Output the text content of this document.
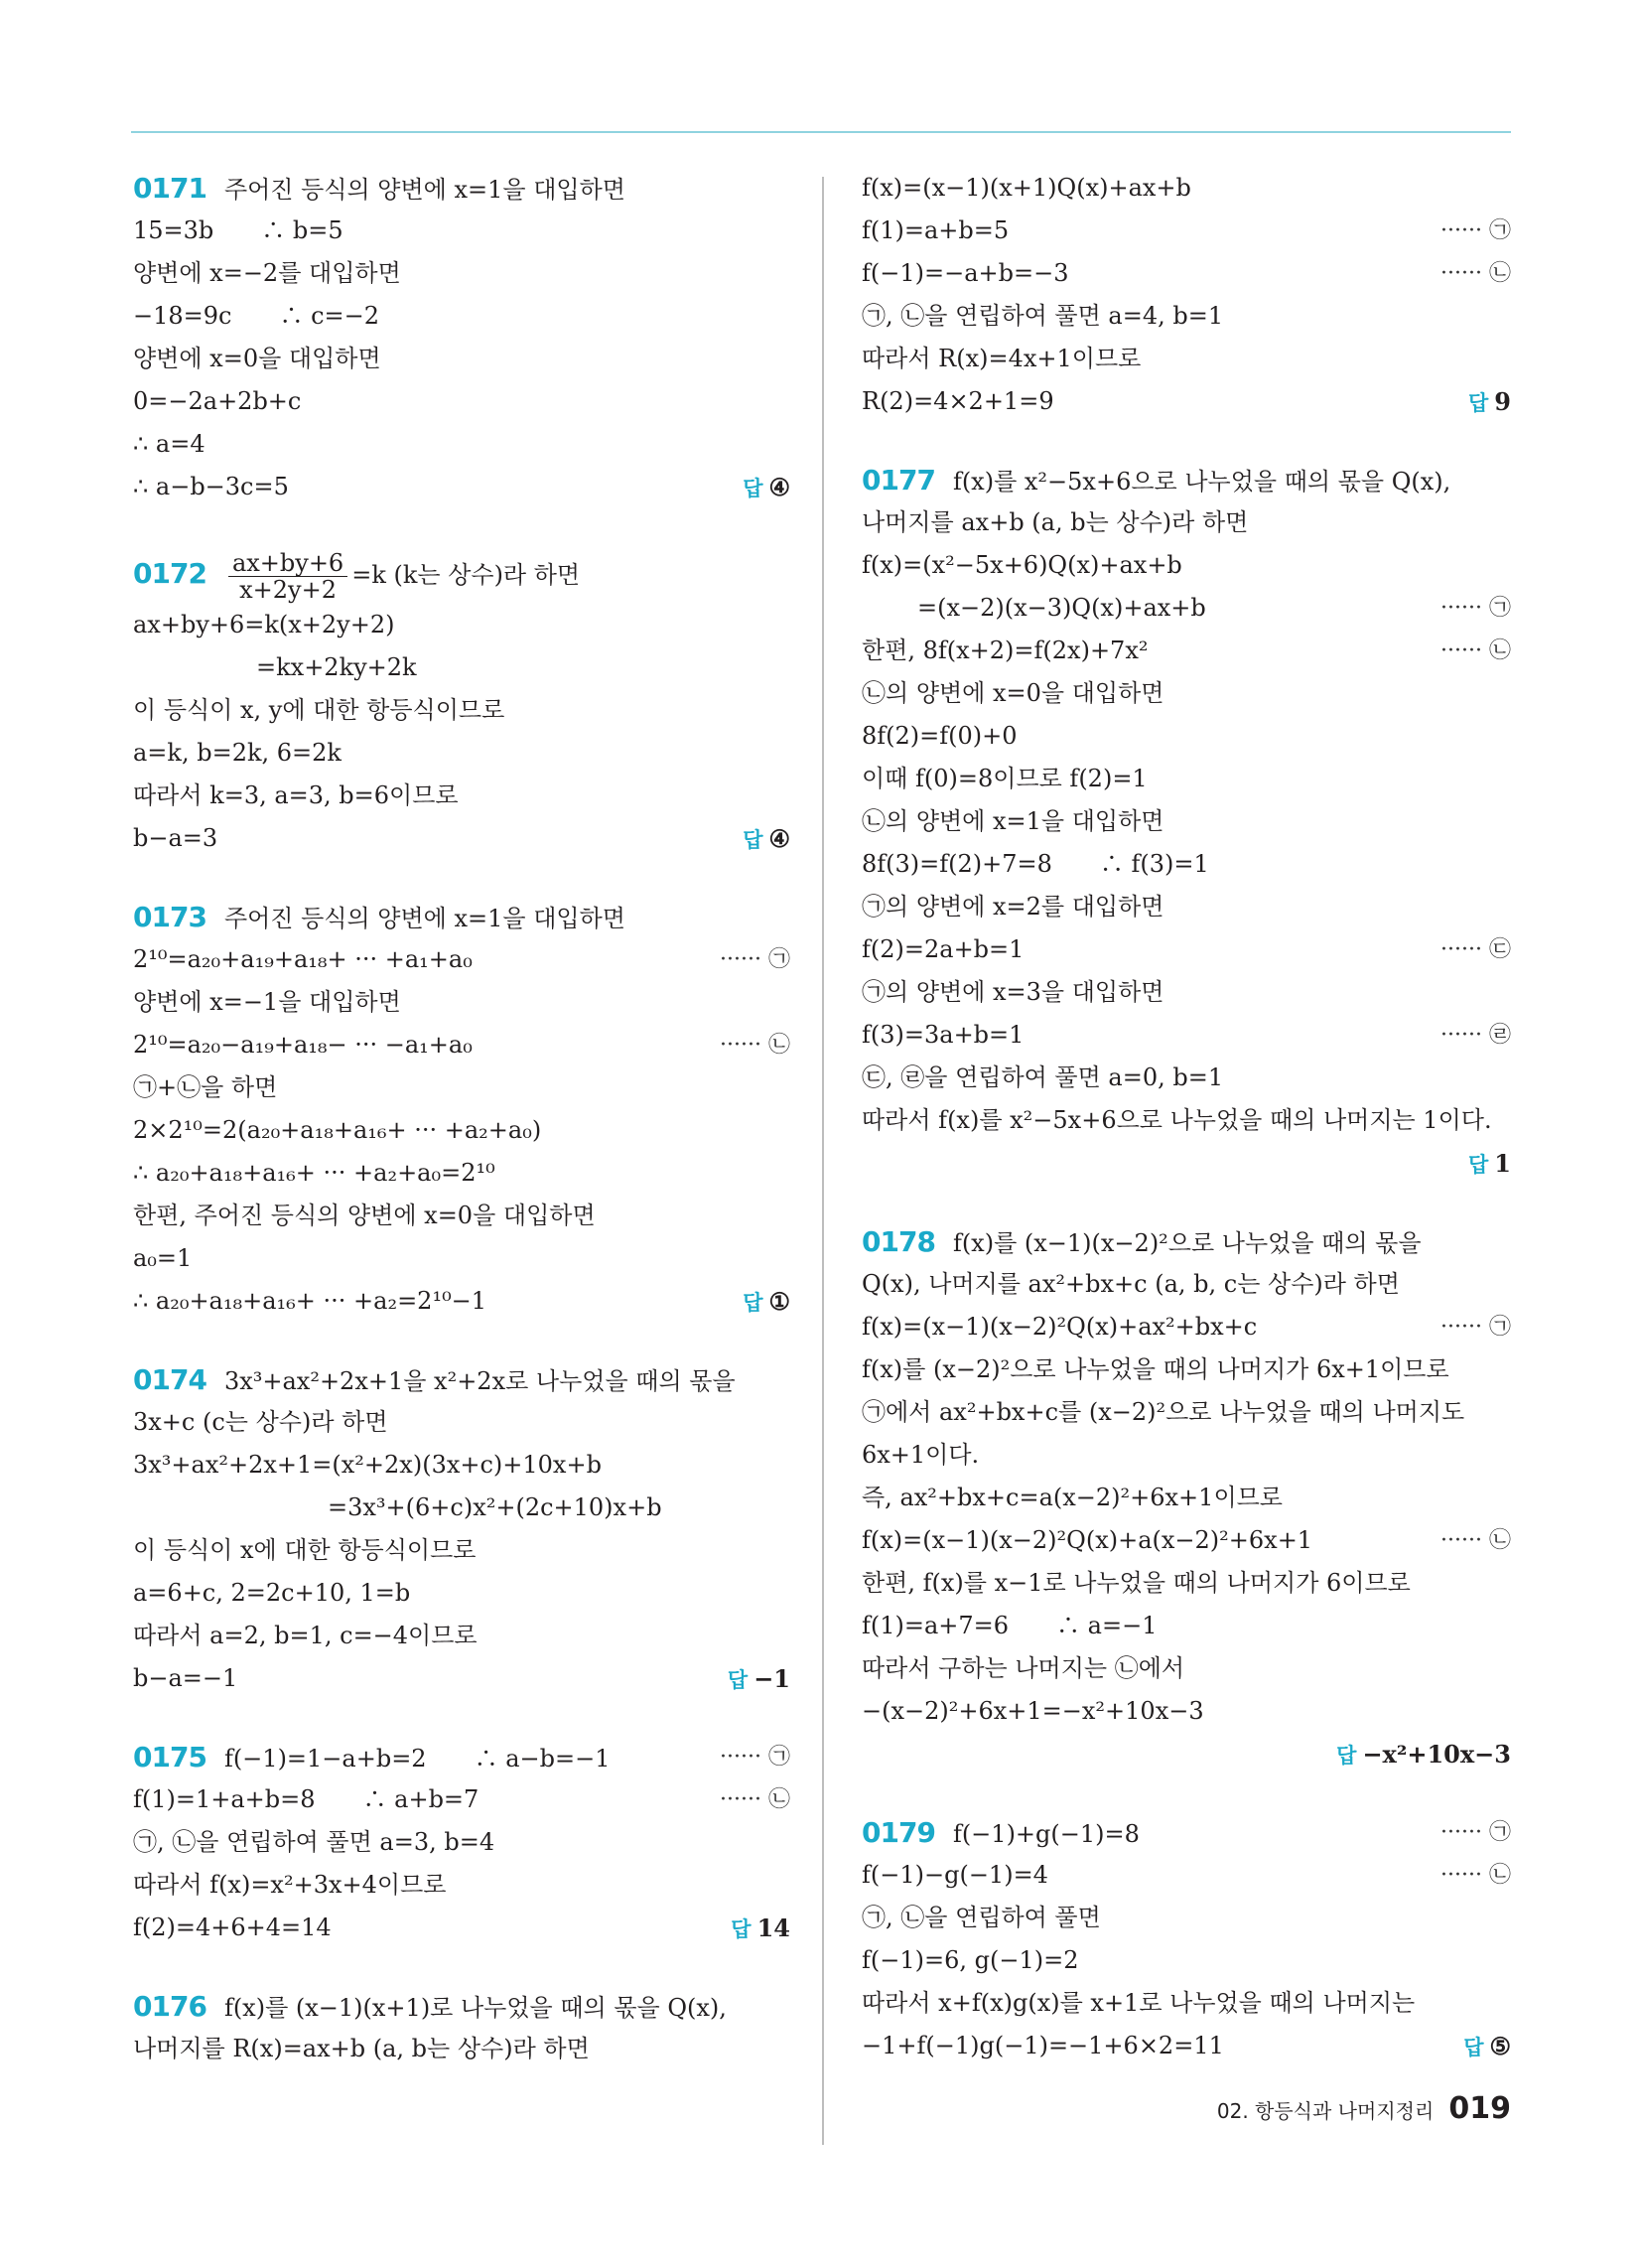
0171 주어진 등식의 양변에 x=1을 대입하면
15=3b　　∴ b=5
양변에 x=−2를 대입하면
−18=9c　　∴ c=−2
양변에 x=0을 대입하면
0=−2a+2b+c
∴ a=4
∴ a−b−3c=5	답 ④
$0172 \frac{ax+by+6}{x+2y+2} =k$ (k는 상수)라 하면
ax+by+6=k(x+2y+2)
=kx+2ky+2k
이 등식이 x, y에 대한 항등식이므로
a=k, b=2k, 6=2k
따라서 k=3, a=3, b=6이므로
b−a=3	답 ④
0173 주어진 등식의 양변에 x=1을 대입하면
2¹⁰=a₂₀+a₁₉+a₁₈+ ··· +a₁+a₀	······ ㉠
양변에 x=−1을 대입하면
2¹⁰=a₂₀−a₁₉+a₁₈− ··· −a₁+a₀	······ ㉡
㉠+㉡을 하면
2×2¹⁰=2(a₂₀+a₁₈+a₁₆+ ··· +a₂+a₀)
∴ a₂₀+a₁₈+a₁₆+ ··· +a₂+a₀=2¹⁰
한편, 주어진 등식의 양변에 x=0을 대입하면
a₀=1
∴ a₂₀+a₁₈+a₁₆+ ··· +a₂=2¹⁰−1	답 ①
0174 3x³+ax²+2x+1을 x²+2x로 나누었을 때의 몫을
3x+c (c는 상수)라 하면
3x³+ax²+2x+1=(x²+2x)(3x+c)+10x+b
=3x³+(6+c)x²+(2c+10)x+b
이 등식이 x에 대한 항등식이므로
a=6+c, 2=2c+10, 1=b
따라서 a=2, b=1, c=−4이므로
b−a=−1	답 −1
0175 f(−1)=1−a+b=2　　∴ a−b=−1	······ ㉠
f(1)=1+a+b=8　　∴ a+b=7	······ ㉡
㉠, ㉡을 연립하여 풀면 a=3, b=4
따라서 f(x)=x²+3x+4이므로
f(2)=4+6+4=14	답 14
0176 f(x)를 (x−1)(x+1)로 나누었을 때의 몫을 Q(x),
나머지를 R(x)=ax+b (a, b는 상수)라 하면
f(x)=(x−1)(x+1)Q(x)+ax+b
f(1)=a+b=5	······ ㉠
f(−1)=−a+b=−3	······ ㉡
㉠, ㉡을 연립하여 풀면 a=4, b=1
따라서 R(x)=4x+1이므로
R(2)=4×2+1=9	답 9
0177 f(x)를 x²−5x+6으로 나누었을 때의 몫을 Q(x),
나머지를 ax+b (a, b는 상수)라 하면
f(x)=(x²−5x+6)Q(x)+ax+b
=(x−2)(x−3)Q(x)+ax+b	······ ㉠
한편, 8f(x+2)=f(2x)+7x²	······ ㉡
㉡의 양변에 x=0을 대입하면
8f(2)=f(0)+0
이때 f(0)=8이므로 f(2)=1
㉡의 양변에 x=1을 대입하면
8f(3)=f(2)+7=8　　∴ f(3)=1
㉠의 양변에 x=2를 대입하면
f(2)=2a+b=1	······ ㉢
㉠의 양변에 x=3을 대입하면
f(3)=3a+b=1	······ ㉣
㉢, ㉣을 연립하여 풀면 a=0, b=1
따라서 f(x)를 x²−5x+6으로 나누었을 때의 나머지는 1이다.
답 1
0178 f(x)를 (x−1)(x−2)²으로 나누었을 때의 몫을
Q(x), 나머지를 ax²+bx+c (a, b, c는 상수)라 하면
f(x)=(x−1)(x−2)²Q(x)+ax²+bx+c	······ ㉠
f(x)를 (x−2)²으로 나누었을 때의 나머지가 6x+1이므로
㉠에서 ax²+bx+c를 (x−2)²으로 나누었을 때의 나머지도
6x+1이다.
즉, ax²+bx+c=a(x−2)²+6x+1이므로
f(x)=(x−1)(x−2)²Q(x)+a(x−2)²+6x+1	······ ㉡
한편, f(x)를 x−1로 나누었을 때의 나머지가 6이므로
f(1)=a+7=6　　∴ a=−1
따라서 구하는 나머지는 ㉡에서
−(x−2)²+6x+1=−x²+10x−3
답 −x²+10x−3
0179 f(−1)+g(−1)=8	······ ㉠
f(−1)−g(−1)=4	······ ㉡
㉠, ㉡을 연립하여 풀면
f(−1)=6, g(−1)=2
따라서 x+f(x)g(x)를 x+1로 나누었을 때의 나머지는
−1+f(−1)g(−1)=−1+6×2=11	답 ⑤
02. 항등식과 나머지정리 019
